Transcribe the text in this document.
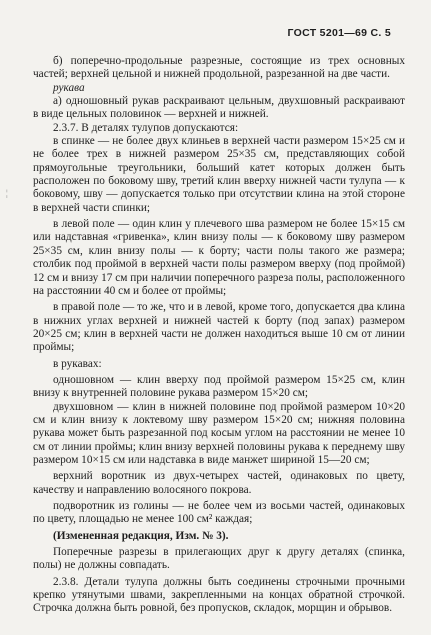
ГОСТ 5201—69 С. 5
¦

б) поперечно-продольные разрезные, состоящие из трех основных частей; верхней цельной и нижней продольной, разрезанной на две части.

рукава

а) одношовный рукав раскраивают цельным, двухшовный раскраивают в виде цельных половинок — верхней и нижней.

2.3.7. В деталях тулупов допускаются:

в спинке — не более двух клиньев в верхней части размером 15×25 см и не более трех в нижней размером 25×35 см, представляющих собой прямоугольные треугольники, больший катет которых должен быть расположен по боковому шву, третий клин вверху нижней части тулупа — к боковому, шву — допускается только при отсутствии клина на этой стороне в верхней части спинки;

в левой поле — один клин у плечевого шва размером не более 15×15 см или надставная «гривенка», клин внизу полы — к боковому шву размером 25×35 см, клин внизу полы — к борту; части полы такого же размера; столбик под проймой в верхней части полы размером вверху (под проймой) 12 см и внизу 17 см при наличии поперечного разреза полы, расположенного на расстоянии 40 см и более от проймы;

в правой поле — то же, что и в левой, кроме того, допускается два клина в нижних углах верхней и нижней частей к борту (под запах) размером 20×25 см; клин в верхней части не должен находиться выше 10 см от линии проймы;

в рукавах:

одношовном — клин вверху под проймой размером 15×25 см, клин внизу к внутренней половине рукава размером 15×20 см;

двухшовном — клин в нижней половине под проймой размером 10×20 см и клин внизу к локтевому шву размером 15×20 см; нижняя половина рукава может быть разрезанной под косым углом на расстоянии не менее 10 см от линии проймы; клин внизу верхней половины рукава к переднему шву размером 10×15 см или надставка в виде манжет шириной 15—20 см;

верхний воротник из двух-четырех частей, одинаковых по цвету, качеству и направлению волосяного покрова.

подворотник из голины — не более чем из восьми частей, одинаковых по цвету, площадью не менее 100 см² каждая;

(Измененная редакция, Изм. № 3).

Поперечные разрезы в прилегающих друг к другу деталях (спинка, полы) не должны совпадать.

2.3.8. Детали тулупа должны быть соединены строчными прочными крепко утянутыми швами, закрепленными на концах обратной строчкой. Строчка должна быть ровной, без пропусков, складок, морщин и обрывов.
